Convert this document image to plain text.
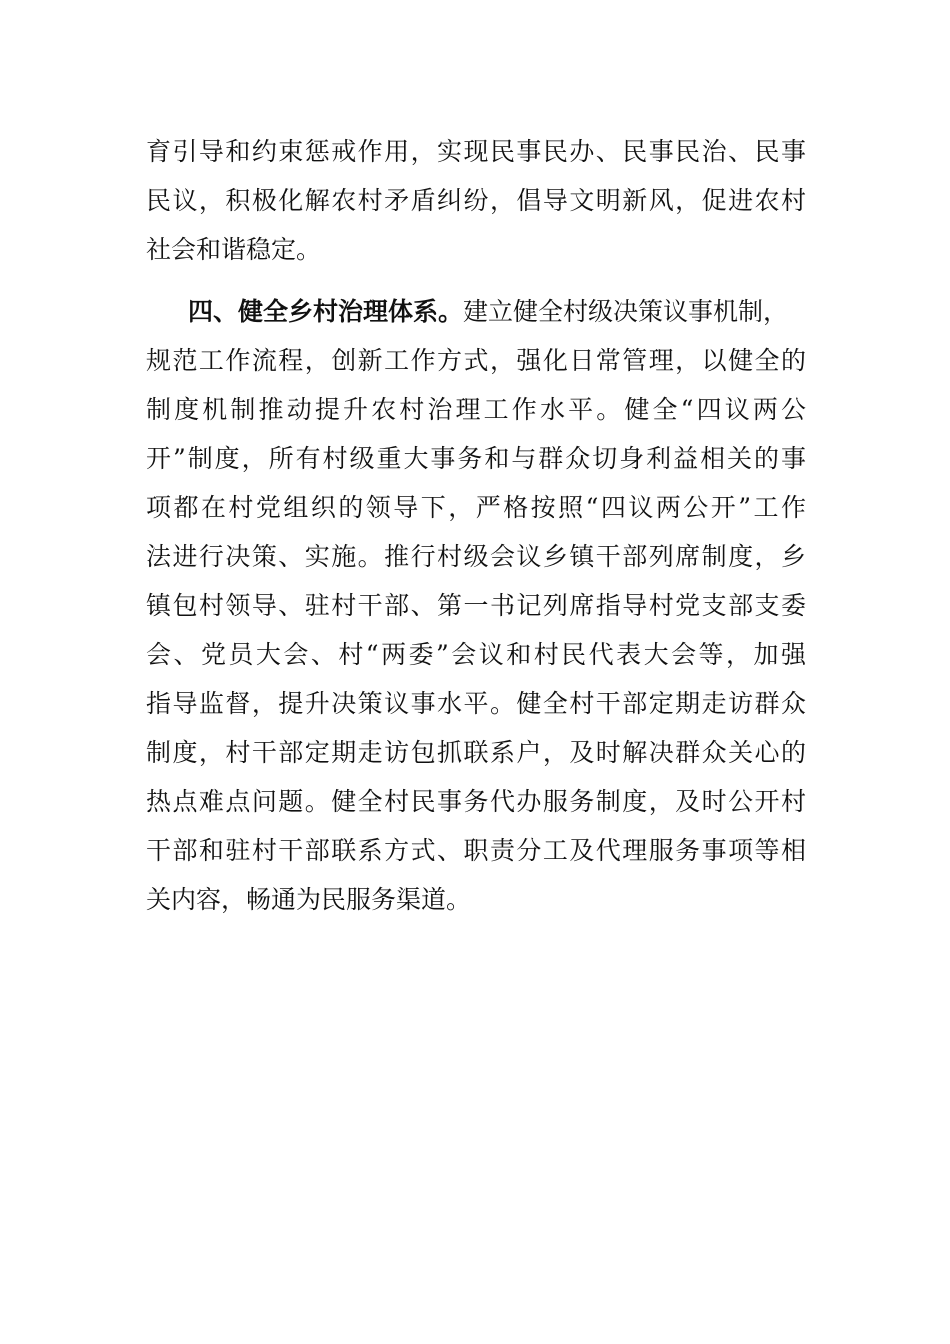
育引导和约束惩戒作用，实现民事民办、民事民治、民事
民议，积极化解农村矛盾纠纷，倡导文明新风，促进农村
社会和谐稳定。
四、健全乡村治理体系。建立健全村级决策议事机制，
规范工作流程，创新工作方式，强化日常管理，以健全的
制度机制推动提升农村治理工作水平。健全“四议两公
开”制度，所有村级重大事务和与群众切身利益相关的事
项都在村党组织的领导下，严格按照“四议两公开”工作
法进行决策、实施。推行村级会议乡镇干部列席制度，乡
镇包村领导、驻村干部、第一书记列席指导村党支部支委
会、党员大会、村“两委”会议和村民代表大会等，加强
指导监督，提升决策议事水平。健全村干部定期走访群众
制度，村干部定期走访包抓联系户，及时解决群众关心的
热点难点问题。健全村民事务代办服务制度，及时公开村
干部和驻村干部联系方式、职责分工及代理服务事项等相
关内容，畅通为民服务渠道。
